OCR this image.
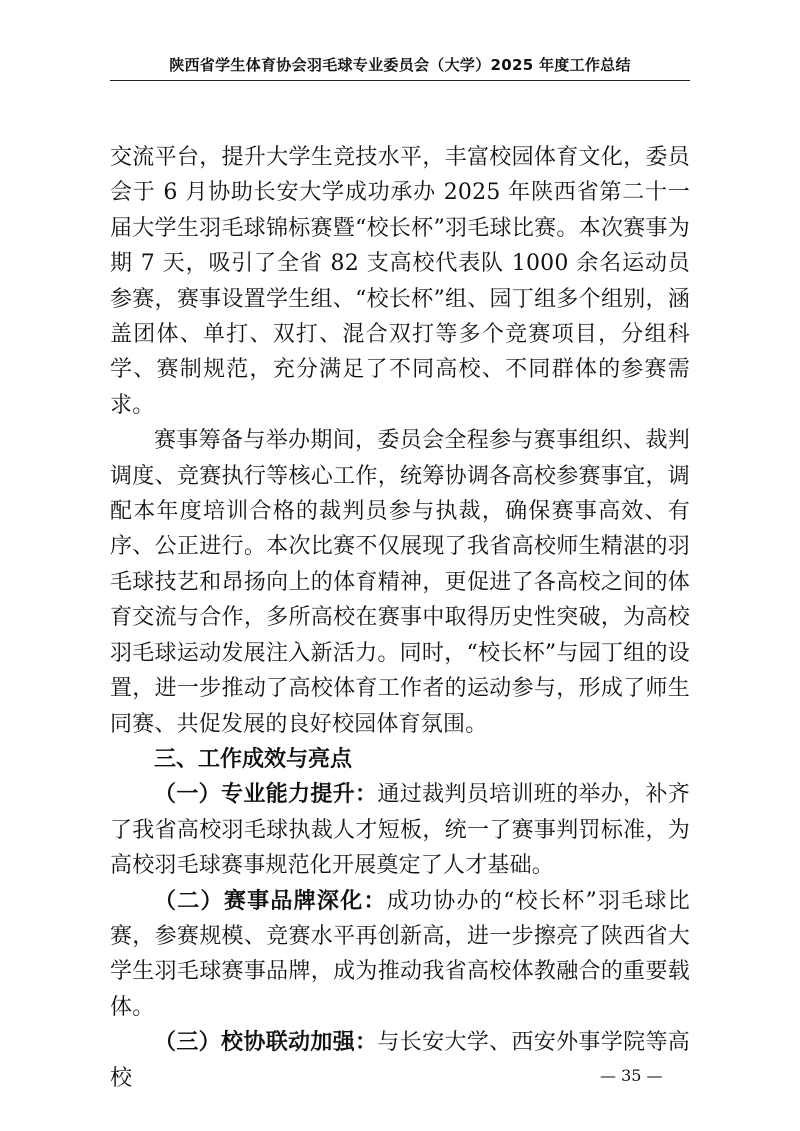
陕西省学生体育协会羽毛球专业委员会（大学）2025 年度工作总结

交流平台，提升大学生竞技水平，丰富校园体育文化，委员会于 6 月协助长安大学成功承办 2025 年陕西省第二十一届大学生羽毛球锦标赛暨“校长杯”羽毛球比赛。本次赛事为期 7 天，吸引了全省 82 支高校代表队 1000 余名运动员参赛，赛事设置学生组、“校长杯”组、园丁组多个组别，涵盖团体、单打、双打、混合双打等多个竞赛项目，分组科学、赛制规范，充分满足了不同高校、不同群体的参赛需求。

赛事筹备与举办期间，委员会全程参与赛事组织、裁判调度、竞赛执行等核心工作，统筹协调各高校参赛事宜，调配本年度培训合格的裁判员参与执裁，确保赛事高效、有序、公正进行。本次比赛不仅展现了我省高校师生精湛的羽毛球技艺和昂扬向上的体育精神，更促进了各高校之间的体育交流与合作，多所高校在赛事中取得历史性突破，为高校羽毛球运动发展注入新活力。同时，“校长杯”与园丁组的设置，进一步推动了高校体育工作者的运动参与，形成了师生同赛、共促发展的良好校园体育氛围。

三、工作成效与亮点

（一）专业能力提升：通过裁判员培训班的举办，补齐了我省高校羽毛球执裁人才短板，统一了赛事判罚标准，为高校羽毛球赛事规范化开展奠定了人才基础。

（二）赛事品牌深化：成功协办的“校长杯”羽毛球比赛，参赛规模、竞赛水平再创新高，进一步擦亮了陕西省大学生羽毛球赛事品牌，成为推动我省高校体教融合的重要载体。

（三）校协联动加强：与长安大学、西安外事学院等高校	— 35 —
